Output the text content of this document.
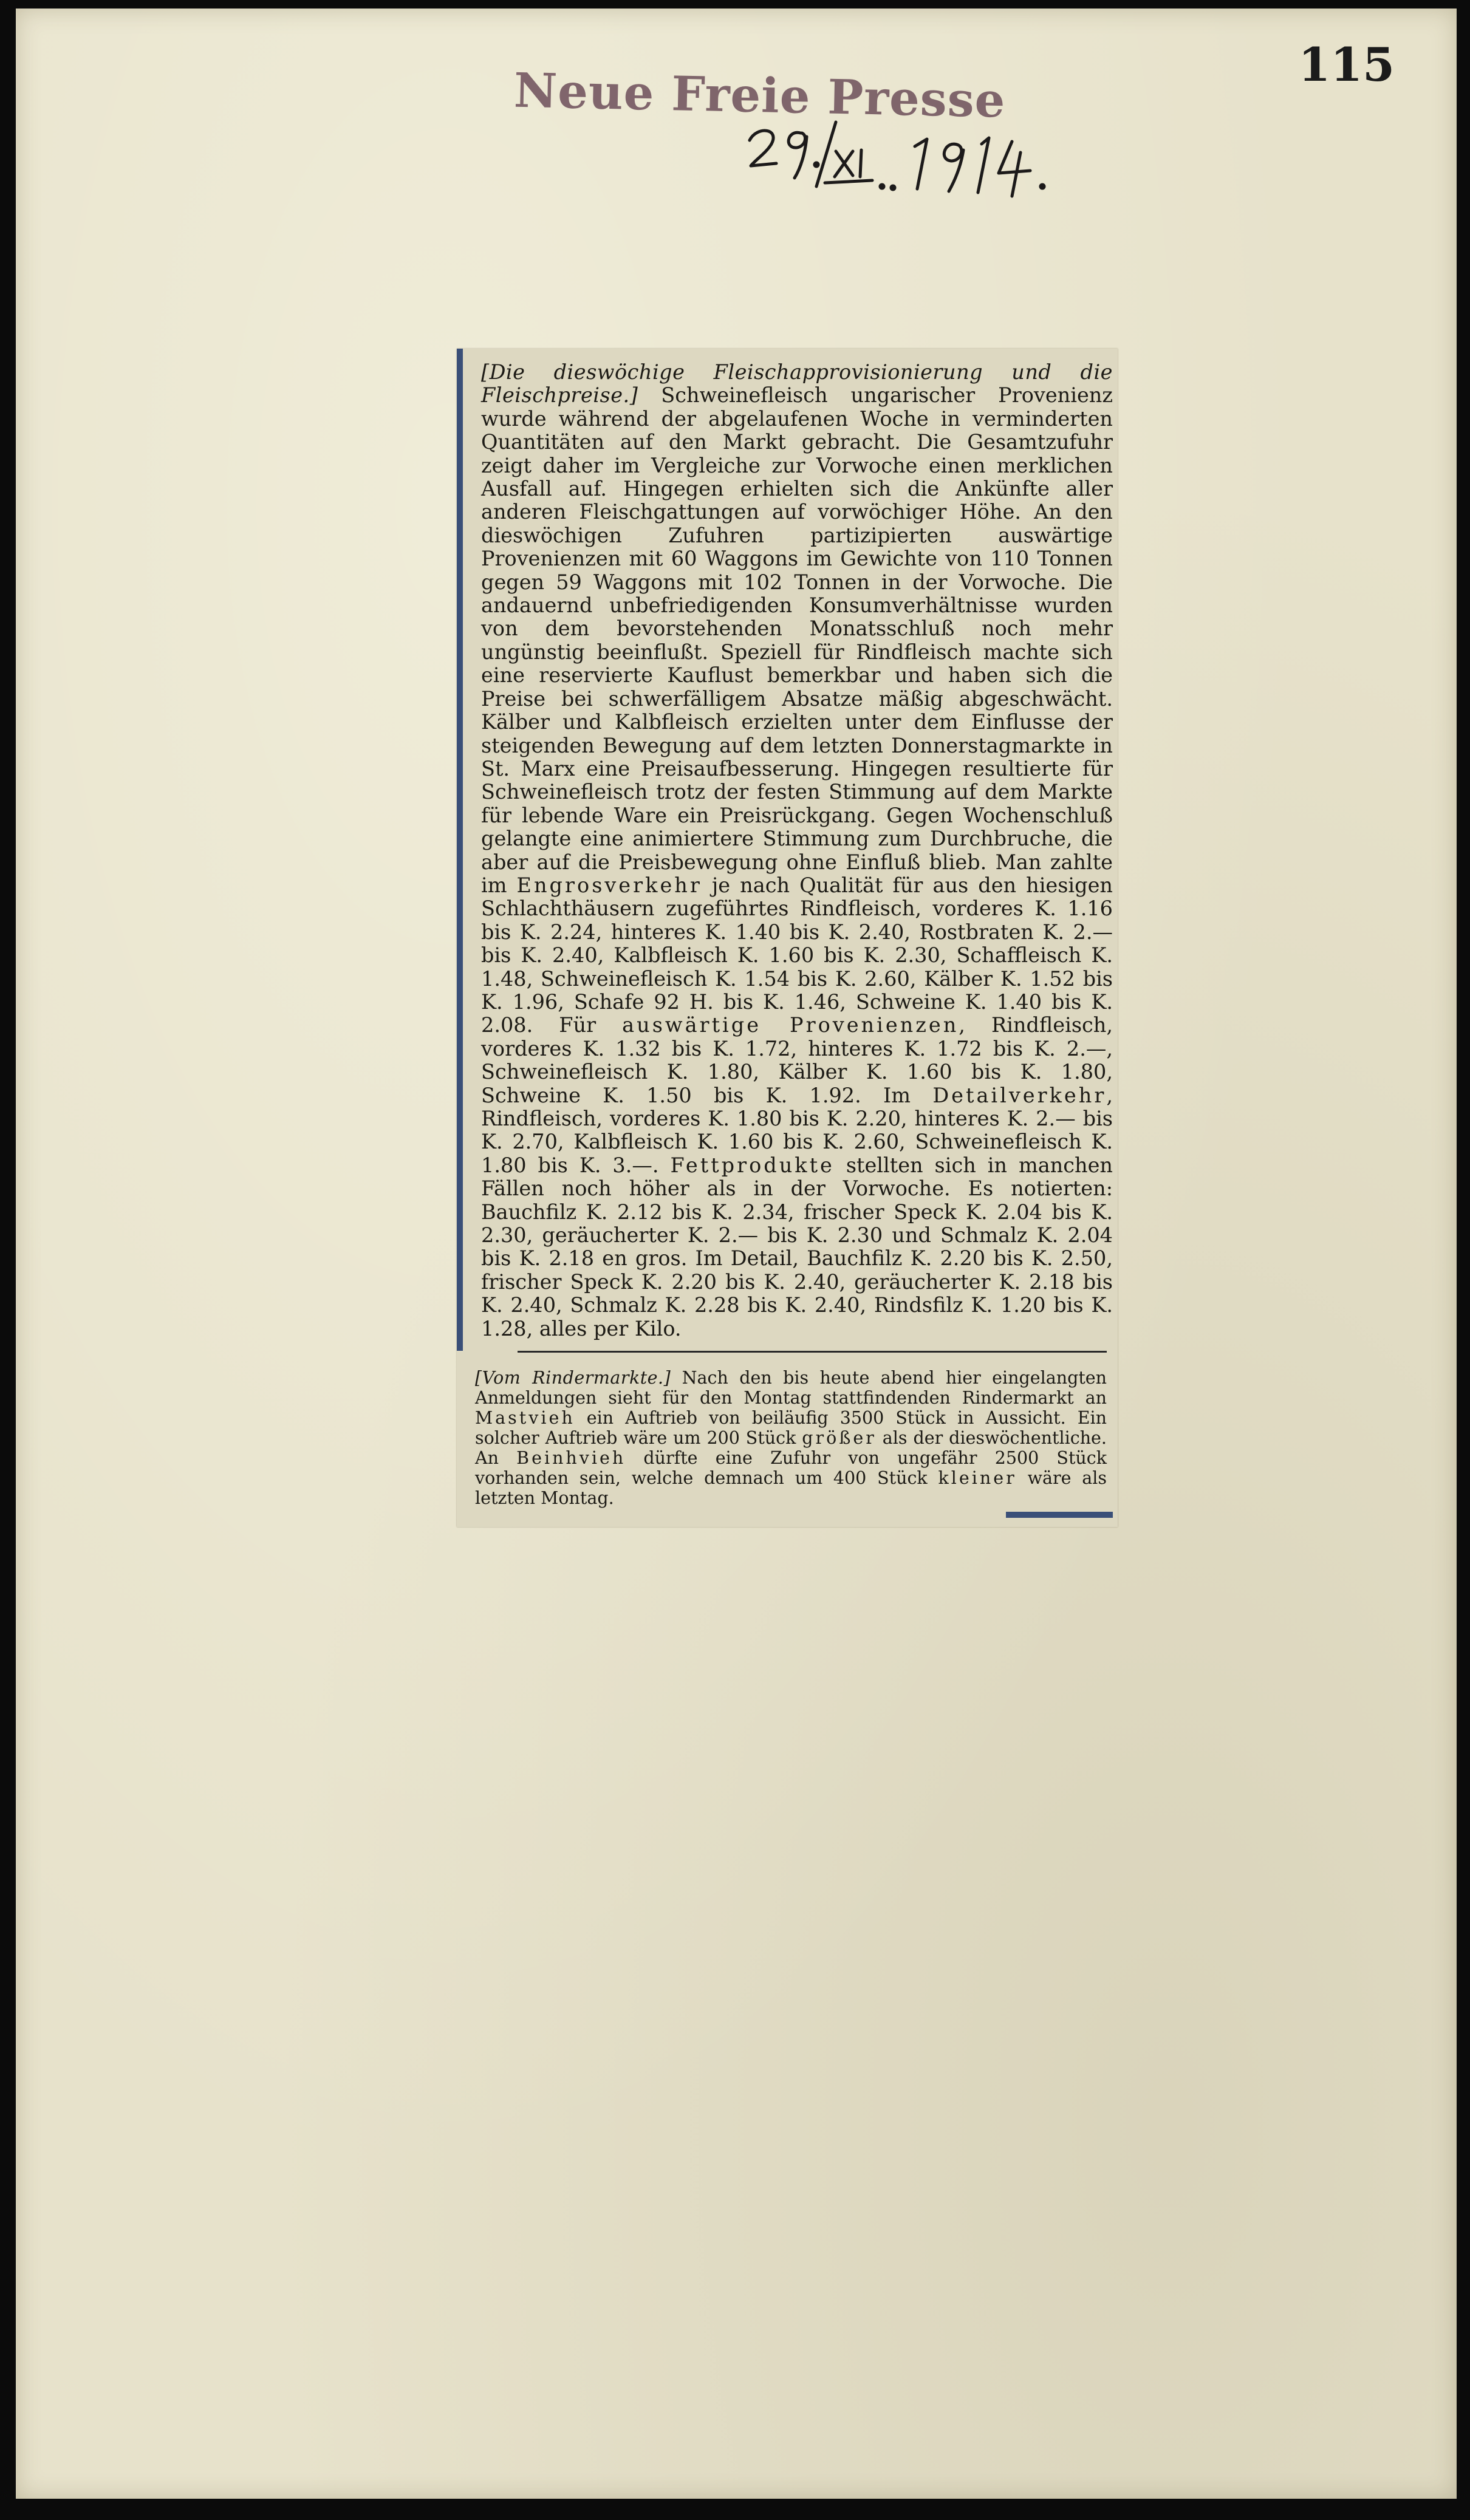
Neue Freie Presse	115

[Die dieswöchige Fleischapprovisionierung und die Fleischpreise.] Schweinefleisch ungarischer Provenienz wurde während der abgelaufenen Woche in verminderten Quantitäten auf den Markt gebracht. Die Gesamtzufuhr zeigt daher im Vergleiche zur Vorwoche einen merklichen Ausfall auf. Hingegen erhielten sich die Ankünfte aller anderen Fleischgattungen auf vorwöchiger Höhe. An den dieswöchigen Zufuhren partizipierten auswärtige Provenienzen mit 60 Waggons im Gewichte von 110 Tonnen gegen 59 Waggons mit 102 Tonnen in der Vorwoche. Die andauernd unbefriedigenden Konsumverhältnisse wurden von dem bevorstehenden Monatsschluß noch mehr ungünstig beeinflußt. Speziell für Rindfleisch machte sich eine reservierte Kauflust bemerkbar und haben sich die Preise bei schwerfälligem Absatze mäßig abgeschwächt. Kälber und Kalbfleisch erzielten unter dem Einflusse der steigenden Bewegung auf dem letzten Donnerstagmarkte in St. Marx eine Preisaufbesserung. Hingegen resultierte für Schweinefleisch trotz der festen Stimmung auf dem Markte für lebende Ware ein Preisrückgang. Gegen Wochenschluß gelangte eine animiertere Stimmung zum Durchbruche, die aber auf die Preisbewegung ohne Einfluß blieb. Man zahlte im Engrosverkehr je nach Qualität für aus den hiesigen Schlachthäusern zugeführtes Rindfleisch, vorderes K. 1.16 bis K. 2.24, hinteres K. 1.40 bis K. 2.40, Rostbraten K. 2.— bis K. 2.40, Kalbfleisch K. 1.60 bis K. 2.30, Schaffleisch K. 1.48, Schweinefleisch K. 1.54 bis K. 2.60, Kälber K. 1.52 bis K. 1.96, Schafe 92 H. bis K. 1.46, Schweine K. 1.40 bis K. 2.08. Für auswärtige Provenienzen, Rindfleisch, vorderes K. 1.32 bis K. 1.72, hinteres K. 1.72 bis K. 2.—, Schweinefleisch K. 1.80, Kälber K. 1.60 bis K. 1.80, Schweine K. 1.50 bis K. 1.92. Im Detailverkehr, Rindfleisch, vorderes K. 1.80 bis K. 2.20, hinteres K. 2.— bis K. 2.70, Kalbfleisch K. 1.60 bis K. 2.60, Schweinefleisch K. 1.80 bis K. 3.—. Fettprodukte stellten sich in manchen Fällen noch höher als in der Vorwoche. Es notierten: Bauchfilz K. 2.12 bis K. 2.34, frischer Speck K. 2.04 bis K. 2.30, geräucherter K. 2.— bis K. 2.30 und Schmalz K. 2.04 bis K. 2.18 en gros. Im Detail, Bauchfilz K. 2.20 bis K. 2.50, frischer Speck K. 2.20 bis K. 2.40, geräucherter K. 2.18 bis K. 2.40, Schmalz K. 2.28 bis K. 2.40, Rindsfilz K. 1.20 bis K. 1.28, alles per Kilo.

[Vom Rindermarkte.] Nach den bis heute abend hier eingelangten Anmeldungen sieht für den Montag stattfindenden Rindermarkt an Mastvieh ein Auftrieb von beiläufig 3500 Stück in Aussicht. Ein solcher Auftrieb wäre um 200 Stück größer als der dieswöchentliche. An Beinhvieh dürfte eine Zufuhr von ungefähr 2500 Stück vorhanden sein, welche demnach um 400 Stück kleiner wäre als letzten Montag.
